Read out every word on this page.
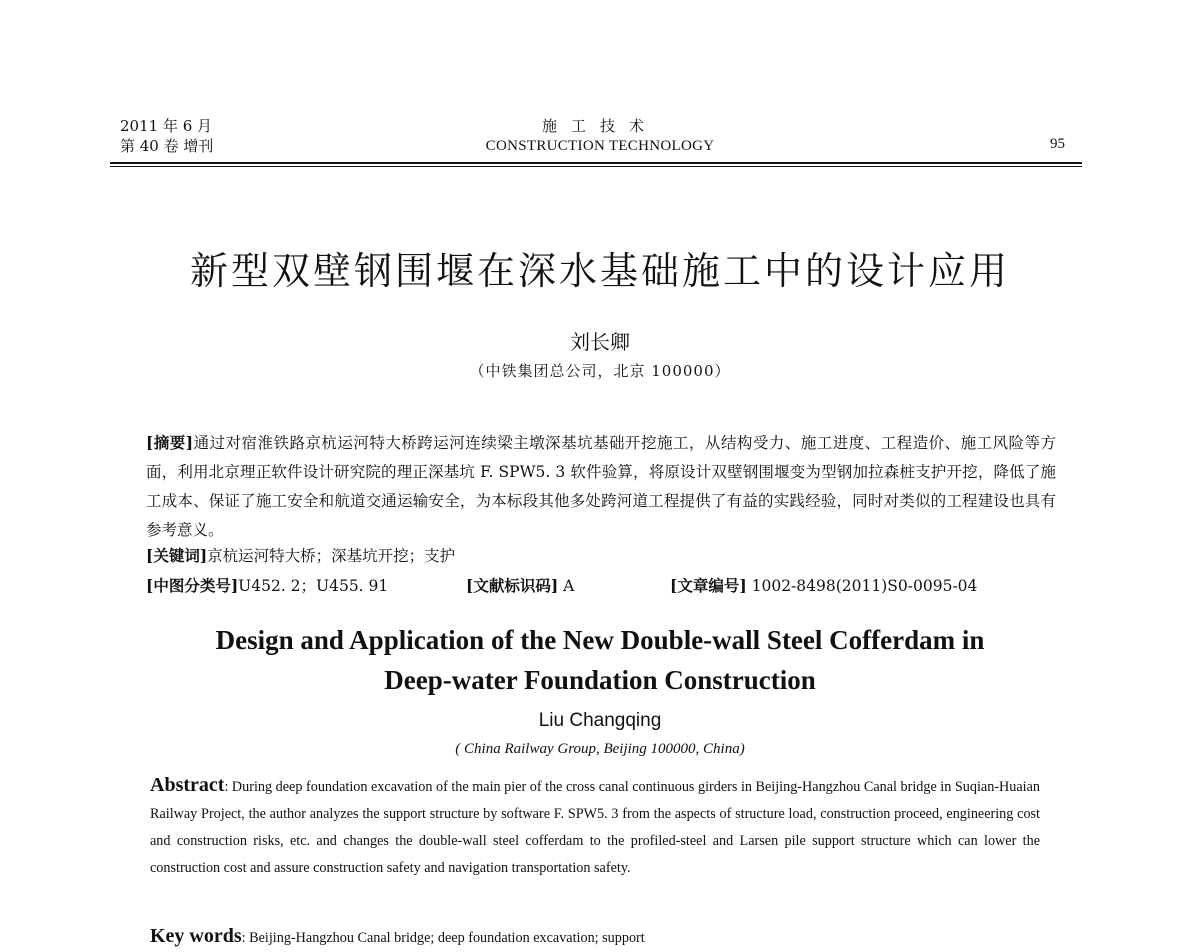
2011 年 6 月
第 40 卷 增刊
施工技术
CONSTRUCTION TECHNOLOGY	95
新型双壁钢围堰在深水基础施工中的设计应用
刘长卿
（中铁集团总公司，北京 100000）
[摘要]通过对宿淮铁路京杭运河特大桥跨运河连续梁主墩深基坑基础开挖施工，从结构受力、施工进度、工程造价、施工风险等方面，利用北京理正软件设计研究院的理正深基坑 F. SPW5. 3 软件验算，将原设计双壁钢围堰变为型钢加拉森桩支护开挖，降低了施工成本、保证了施工安全和航道交通运输安全，为本标段其他多处跨河道工程提供了有益的实践经验，同时对类似的工程建设也具有参考意义。
[关键词]京杭运河特大桥；深基坑开挖；支护
[中图分类号]U452. 2；U455. 91	[文献标识码] A	[文章编号] 1002-8498(2011)S0-0095-04
Design and Application of the New Double-wall Steel Cofferdam in
Deep-water Foundation Construction
Liu Changqing
( China Railway Group, Beijing 100000, China)
Abstract: During deep foundation excavation of the main pier of the cross canal continuous girders in Beijing-Hangzhou Canal bridge in Suqian-Huaian Railway Project, the author analyzes the support structure by software F. SPW5. 3 from the aspects of structure load, construction proceed, engineering cost and construction risks, etc. and changes the double-wall steel cofferdam to the profiled-steel and Larsen pile support structure which can lower the construction cost and assure construction safety and navigation transportation safety.
Key words: Beijing-Hangzhou Canal bridge; deep foundation excavation; support
